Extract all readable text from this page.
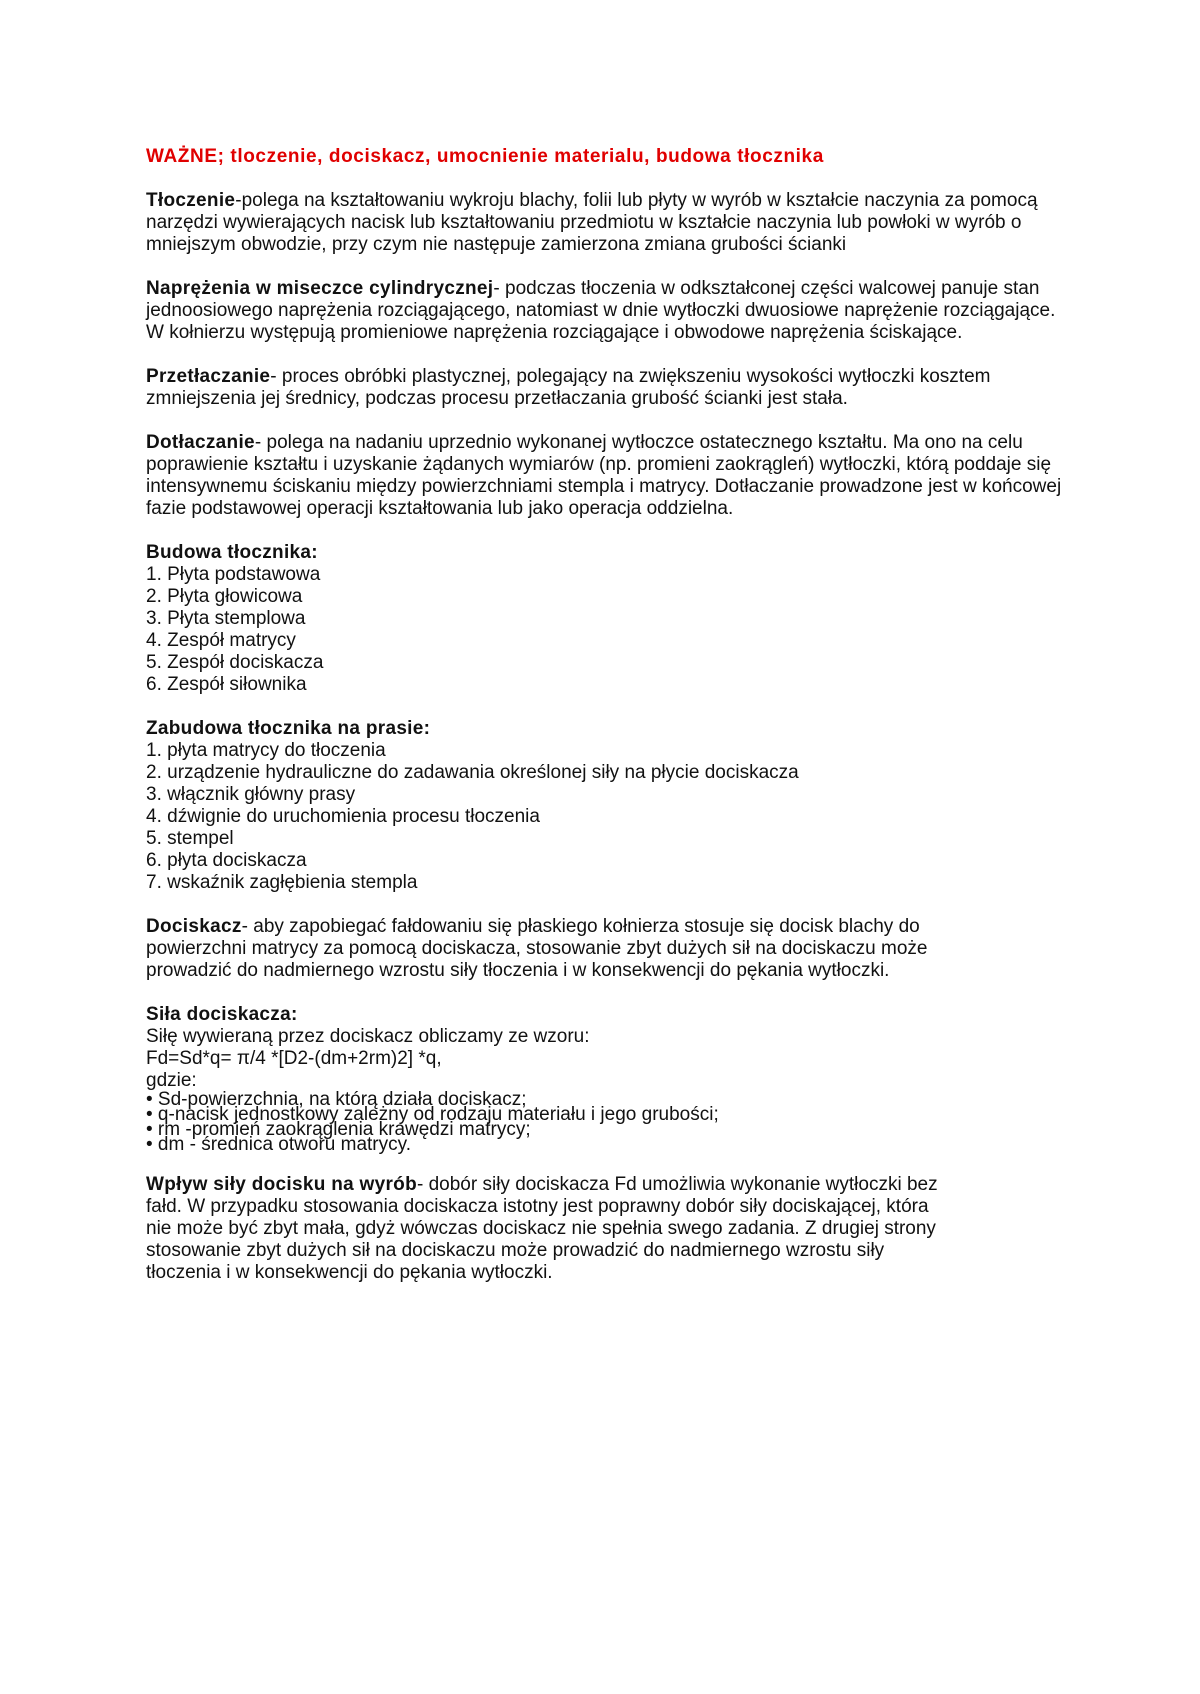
WAŻNE; tloczenie, dociskacz, umocnienie materialu, budowa tłocznika
Tłoczenie-polega na kształtowaniu wykroju blachy, folii lub płyty w wyrób w kształcie naczynia za pomocą narzędzi wywierających nacisk lub kształtowaniu przedmiotu w kształcie naczynia lub powłoki w wyrób o mniejszym obwodzie, przy czym nie następuje zamierzona zmiana grubości ścianki
Naprężenia w miseczce cylindrycznej- podczas tłoczenia w odkształconej części walcowej panuje stan jednoosiowego naprężenia rozciągającego, natomiast w dnie wytłoczki dwuosiowe naprężenie rozciągające. W kołnierzu występują promieniowe naprężenia rozciągające i obwodowe naprężenia ściskające.
Przetłaczanie- proces obróbki plastycznej, polegający na zwiększeniu wysokości wytłoczki kosztem zmniejszenia jej średnicy, podczas procesu przetłaczania grubość ścianki jest stała.
Dotłaczanie- polega na nadaniu uprzednio wykonanej wytłoczce ostatecznego kształtu. Ma ono na celu poprawienie kształtu i uzyskanie żądanych wymiarów (np. promieni zaokrągleń) wytłoczki, którą poddaje się intensywnemu ściskaniu między powierzchniami stempla i matrycy. Dotłaczanie prowadzone jest w końcowej fazie podstawowej operacji kształtowania lub jako operacja oddzielna.
Budowa tłocznika:
1. Płyta podstawowa
2. Płyta głowicowa
3. Płyta stemplowa
4. Zespół matrycy
5. Zespół dociskacza
6. Zespół siłownika
Zabudowa tłocznika na prasie:
1. płyta matrycy do tłoczenia
2. urządzenie hydrauliczne do zadawania określonej siły na płycie dociskacza
3. włącznik główny prasy
4. dźwignie do uruchomienia procesu tłoczenia
5. stempel
6. płyta dociskacza
7. wskaźnik zagłębienia stempla
Dociskacz- aby zapobiegać fałdowaniu się płaskiego kołnierza stosuje się docisk blachy do powierzchni matrycy za pomocą dociskacza, stosowanie zbyt dużych sił na dociskaczu może prowadzić do nadmiernego wzrostu siły tłoczenia i w konsekwencji do pękania wytłoczki.
Siła dociskacza:
Siłę wywieraną przez dociskacz obliczamy ze wzoru:
Fd=Sd*q= π/4 *[D2-(dm+2rm)2] *q,
gdzie:
• Sd-powierzchnia, na którą działa dociskacz;
• q-nacisk jednostkowy zależny od rodzaju materiału i jego grubości;
• rm -promień zaokrąglenia krawędzi matrycy;
• dm - średnica otworu matrycy.
Wpływ siły docisku na wyrób- dobór siły dociskacza Fd umożliwia wykonanie wytłoczki bez fałd. W przypadku stosowania dociskacza istotny jest poprawny dobór siły dociskającej, która nie może być zbyt mała, gdyż wówczas dociskacz nie spełnia swego zadania. Z drugiej strony stosowanie zbyt dużych sił na dociskaczu może prowadzić do nadmiernego wzrostu siły tłoczenia i w konsekwencji do pękania wytłoczki.
